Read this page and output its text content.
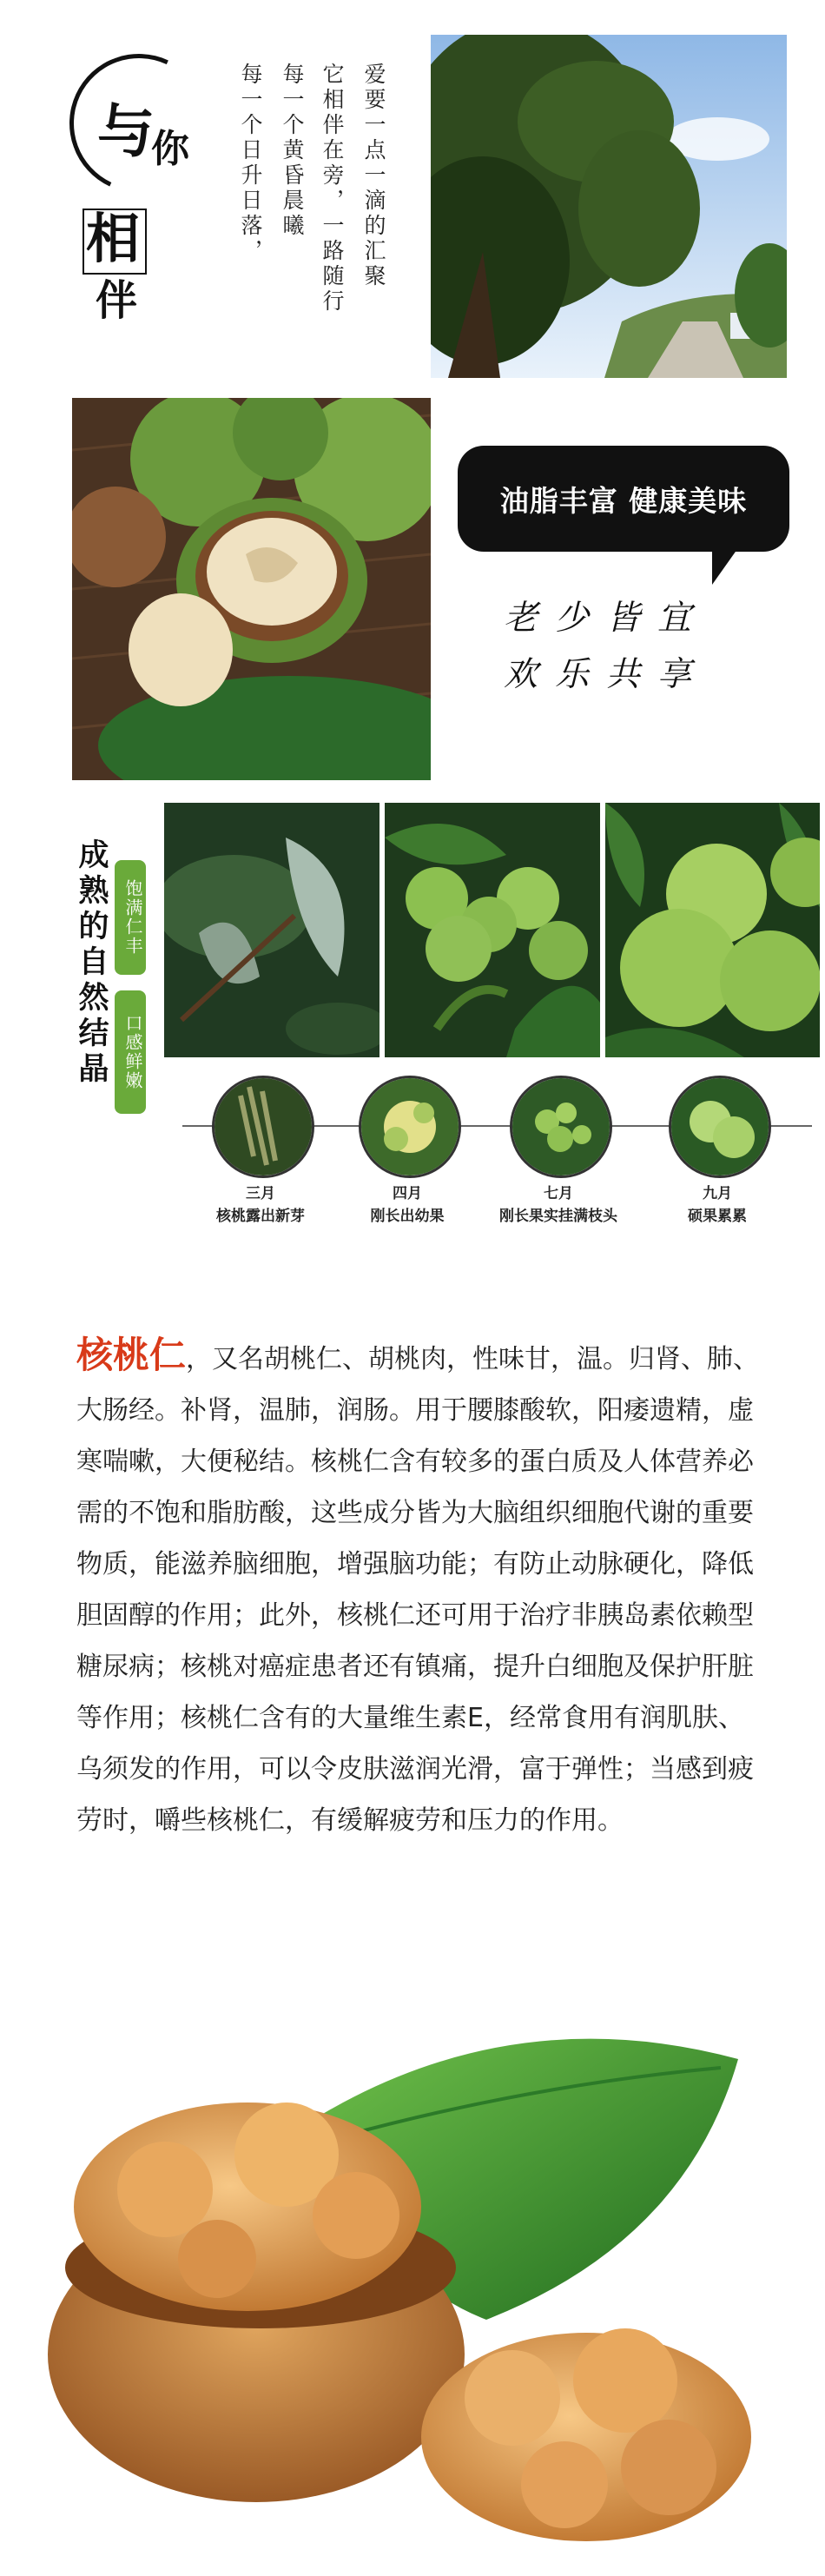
与
你
相
伴
爱要一点一滴的汇聚
它相伴在旁，一路随行
每一个黄昏晨曦
每一个日升日落，
油脂丰富 健康美味
老少皆宜
欢乐共享
成熟的自然结晶 饱满仁丰
口感鲜嫩
三月
核桃露出新芽
四月
刚长出幼果
七月
刚长果实挂满枝头
九月
硕果累累
核桃仁，又名胡桃仁、胡桃肉，性味甘，温。归肾、肺、大肠经。补肾，温肺，润肠。用于腰膝酸软，阳痿遗精，虚寒喘嗽，大便秘结。核桃仁含有较多的蛋白质及人体营养必需的不饱和脂肪酸，这些成分皆为大脑组织细胞代谢的重要物质，能滋养脑细胞，增强脑功能；有防止动脉硬化，降低胆固醇的作用；此外，核桃仁还可用于治疗非胰岛素依赖型糖尿病；核桃对癌症患者还有镇痛，提升白细胞及保护肝脏等作用；核桃仁含有的大量维生素E，经常食用有润肌肤、乌须发的作用，可以令皮肤滋润光滑，富于弹性；当感到疲劳时，嚼些核桃仁，有缓解疲劳和压力的作用。
